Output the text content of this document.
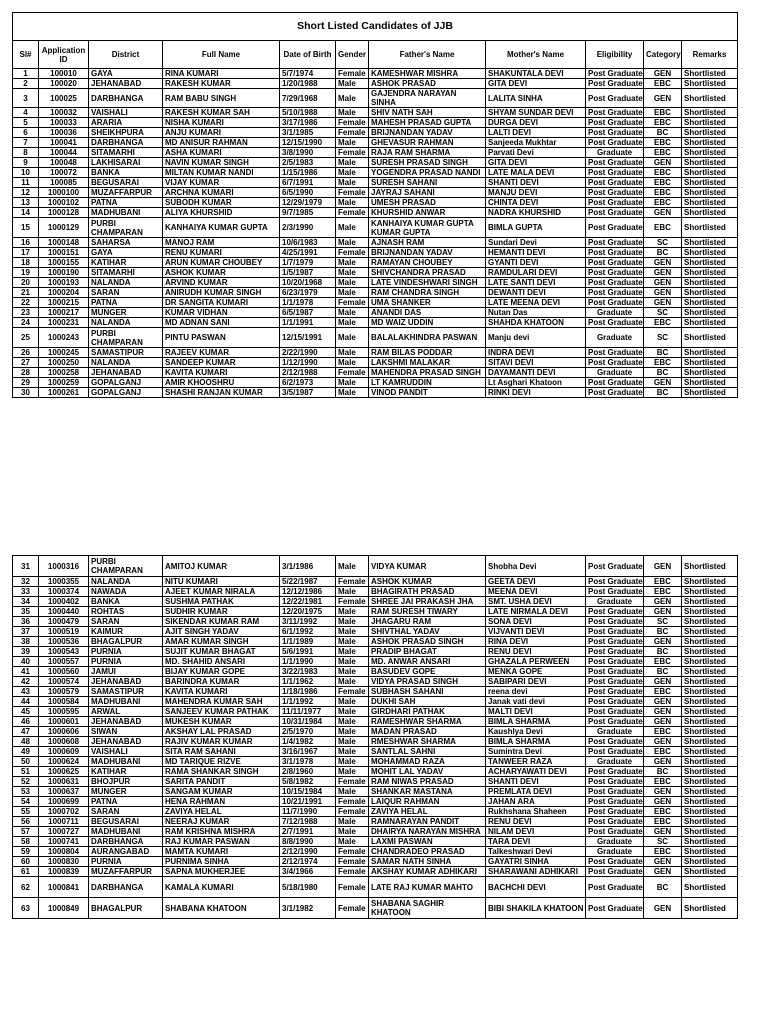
Short Listed Candidates of JJB										
Sl#	Application ID	District	Full Name	Date of Birth	Gender	Father's Name	Mother's Name	Eligibility	Category	Remarks
1	100010	GAYA	RINA KUMARI	5/7/1974	Female	KAMESHWAR MISHRA	SHAKUNTALA DEVI	Post Graduate	GEN	Shortlisted
2	100020	JEHANABAD	RAKESH KUMAR	1/20/1988	Male	ASHOK PRASAD	GITA DEVI	Post Graduate	EBC	Shortlisted
3	100025	DARBHANGA	RAM BABU SINGH	7/29/1968	Male	GAJENDRA NARAYAN SINHA	LALITA SINHA	Post Graduate	GEN	Shortlisted
4	100032	VAISHALI	RAKESH KUMAR SAH	5/10/1988	Male	SHIV NATH SAH	SHYAM SUNDAR DEVI	Post Graduate	EBC	Shortlisted
5	100033	ARARIA	NISHA KUMARI	3/17/1986	Female	MAHESH PRASAD GUPTA	DURGA DEVI	Post Graduate	EBC	Shortlisted
6	100036	SHEIKHPURA	ANJU KUMARI	3/1/1985	Female	BRIJNANDAN YADAV	LALTI DEVI	Post Graduate	BC	Shortlisted
7	100041	DARBHANGA	MD ANISUR RAHMAN	12/15/1990	Male	GHEVASUR RAHMAN	Sanjeeda Mukhtar	Post Graduate	EBC	Shortlisted
8	100044	SITAMARHI	ASHA KUMARI	3/8/1990	Female	RAJA RAM SHARMA	Parvati Devi	Graduate	EBC	Shortlisted
9	100048	LAKHISARAI	NAVIN KUMAR SINGH	2/5/1983	Male	SURESH PRASAD SINGH	GITA DEVI	Post Graduate	GEN	Shortlisted
10	100072	BANKA	MILTAN KUMAR NANDI	1/15/1986	Male	YOGENDRA PRASAD NANDI	LATE MALA DEVI	Post Graduate	EBC	Shortlisted
11	100085	BEGUSARAI	VIJAY KUMAR	6/7/1991	Male	SURESH SAHANI	SHANTI DEVI	Post Graduate	EBC	Shortlisted
12	1000100	MUZAFFARPUR	ARCHNA KUMARI	6/5/1990	Female	JAYRAJ SAHANI	MANJU DEVI	Post Graduate	EBC	Shortlisted
13	1000102	PATNA	SUBODH KUMAR	12/29/1979	Male	UMESH PRASAD	CHINTA DEVI	Post Graduate	EBC	Shortlisted
14	1000128	MADHUBANI	ALIYA KHURSHID	9/7/1985	Female	KHURSHID ANWAR	NADRA KHURSHID	Post Graduate	GEN	Shortlisted
15	1000129	PURBI CHAMPARAN	KANHAIYA KUMAR GUPTA	2/3/1990	Male	KANHAIYA KUMAR GUPTA KUMAR GUPTA	BIMLA GUPTA	Post Graduate	EBC	Shortlisted
16	1000148	SAHARSA	MANOJ RAM	10/6/1983	Male	AJNASH RAM	Sundari Devi	Post Graduate	SC	Shortlisted
17	1000151	GAYA	RENU KUMARI	4/25/1991	Female	BRIJNANDAN YADAV	HEMANTI DEVI	Post Graduate	BC	Shortlisted
18	1000155	KATIHAR	ARUN KUMAR CHOUBEY	1/7/1979	Male	RAMAYAN CHOUBEY	GYANTI DEVI	Post Graduate	GEN	Shortlisted
19	1000190	SITAMARHI	ASHOK KUMAR	1/5/1987	Male	SHIVCHANDRA PRASAD	RAMDULARI DEVI	Post Graduate	GEN	Shortlisted
20	1000193	NALANDA	ARVIND KUMAR	10/20/1968	Male	LATE VINDESHWARI SINGH	LATE SANTI DEVI	Post Graduate	GEN	Shortlisted
21	1000204	SARAN	ANIRUDH KUMAR SINGH	6/23/1979	Male	RAM CHANDRA SINGH	DEWANTI DEVI	Post Graduate	GEN	Shortlisted
22	1000215	PATNA	DR SANGITA KUMARI	1/1/1978	Female	UMA SHANKER	LATE MEENA DEVI	Post Graduate	GEN	Shortlisted
23	1000217	MUNGER	KUMAR VIDHAN	6/5/1987	Male	ANANDI DAS	Nutan Das	Graduate	SC	Shortlisted
24	1000231	NALANDA	MD ADNAN SANI	1/1/1991	Male	MD WAIZ UDDIN	SHAHDA KHATOON	Post Graduate	EBC	Shortlisted
25	1000243	PURBI CHAMPARAN	PINTU PASWAN	12/15/1991	Male	BALALAKHINDRA PASWAN	Manju devi	Graduate	SC	Shortlisted
26	1000245	SAMASTIPUR	RAJEEV KUMAR	2/22/1990	Male	RAM BILAS PODDAR	INDRA DEVI	Post Graduate	BC	Shortlisted
27	1000250	NALANDA	SANDEEP KUMAR	1/12/1990	Male	LAKSHMI MALAKAR	SITAVI DEVI	Post Graduate	EBC	Shortlisted
28	1000258	JEHANABAD	KAVITA KUMARI	2/12/1988	Female	MAHENDRA PRASAD SINGH	DAYAMANTI DEVI	Graduate	BC	Shortlisted
29	1000259	GOPALGANJ	AMIR KHOOSHRU	6/2/1973	Male	LT KAMRUDDIN	Lt Asghari Khatoon	Post Graduate	GEN	Shortlisted
30	1000261	GOPALGANJ	SHASHI RANJAN KUMAR	3/5/1987	Male	VINOD PANDIT	RINKI DEVI	Post Graduate	BC	Shortlisted
31	1000316	PURBI CHAMPARAN	AMITOJ KUMAR	3/1/1986	Male	VIDYA KUMAR	Shobha Devi	Post Graduate	GEN	Shortlisted
32	1000355	NALANDA	NITU KUMARI	5/22/1987	Female	ASHOK KUMAR	GEETA DEVI	Post Graduate	EBC	Shortlisted
33	1000374	NAWADA	AJEET KUMAR NIRALA	12/12/1986	Male	BHAGIRATH PRASAD	MEENA DEVI	Post Graduate	EBC	Shortlisted
34	1000402	BANKA	SUSHMA PATHAK	12/22/1981	Female	SHREE JAI PRAKASH JHA	SMT. USHA DEVI	Graduate	GEN	Shortlisted
35	1000440	ROHTAS	SUDHIR KUMAR	12/20/1975	Male	RAM SURESH TIWARY	LATE NIRMALA DEVI	Post Graduate	GEN	Shortlisted
36	1000479	SARAN	SIKENDAR KUMAR RAM	3/11/1992	Male	JHAGARU RAM	SONA DEVI	Post Graduate	SC	Shortlisted
37	1000519	KAIMUR	AJIT SINGH YADAV	6/1/1992	Male	SHIVTHAL YADAV	VIJVANTI DEVI	Post Graduate	BC	Shortlisted
38	1000536	BHAGALPUR	AMAR KUMAR SINGH	1/1/1989	Male	ASHOK PRASAD SINGH	RINA DEVI	Post Graduate	GEN	Shortlisted
39	1000543	PURNIA	SUJIT KUMAR BHAGAT	5/6/1991	Male	PRADIP BHAGAT	RENU DEVI	Post Graduate	BC	Shortlisted
40	1000557	PURNIA	MD. SHAHID ANSARI	1/1/1990	Male	MD. ANWAR ANSARI	GHAZALA PERWEEN	Post Graduate	EBC	Shortlisted
41	1000560	JAMUI	BIJAY KUMAR GOPE	3/22/1983	Male	BASUDEV GOPE	MENKA GOPE	Post Graduate	BC	Shortlisted
42	1000574	JEHANABAD	BARINDRA KUMAR	1/1/1962	Male	VIDYA PRASAD SINGH	SABIPARI DEVI	Post Graduate	GEN	Shortlisted
43	1000579	SAMASTIPUR	KAVITA KUMARI	1/18/1986	Female	SUBHASH SAHANI	reena devi	Post Graduate	EBC	Shortlisted
44	1000584	MADHUBANI	MAHENDRA KUMAR SAH	1/1/1992	Male	DUKHI SAH	Janak vati devi	Post Graduate	GEN	Shortlisted
45	1000595	ARWAL	SANJEEV KUMAR PATHAK	11/11/1977	Male	GIRDHARI PATHAK	MALTI DEVI	Post Graduate	GEN	Shortlisted
46	1000601	JEHANABAD	MUKESH KUMAR	10/31/1984	Male	RAMESHWAR SHARMA	BIMLA SHARMA	Post Graduate	GEN	Shortlisted
47	1000606	SIWAN	AKSHAY LAL PRASAD	2/5/1970	Male	MADAN PRASAD	Kaushlya Devi	Graduate	EBC	Shortlisted
48	1000608	JEHANABAD	RAJIV KUMAR KUMAR	1/4/1982	Male	RMESHWAR SHARMA	BIMLA SHARMA	Post Graduate	GEN	Shortlisted
49	1000609	VAISHALI	SITA RAM SAHANI	3/16/1967	Male	SANTLAL SAHNI	Sumintra Devi	Post Graduate	EBC	Shortlisted
50	1000624	MADHUBANI	MD TARIQUE RIZVE	3/1/1978	Male	MOHAMMAD RAZA	TANWEER RAZA	Graduate	GEN	Shortlisted
51	1000625	KATIHAR	RAMA SHANKAR SINGH	2/8/1960	Male	MOHIT LAL YADAV	ACHARYAWATI DEVI	Post Graduate	BC	Shortlisted
52	1000631	BHOJPUR	SARITA PANDIT	5/8/1982	Female	RAM NIWAS PRASAD	SHANTI DEVI	Post Graduate	EBC	Shortlisted
53	1000637	MUNGER	SANGAM KUMAR	10/15/1984	Male	SHANKAR MASTANA	PREMLATA DEVI	Post Graduate	GEN	Shortlisted
54	1000699	PATNA	HENA RAHMAN	10/21/1991	Female	LAIQUR RAHMAN	JAHAN ARA	Post Graduate	GEN	Shortlisted
55	1000702	SARAN	ZAVIYA HELAL	11/7/1990	Female	ZAVIYA HELAL	Rukhshana Shaheen	Post Graduate	EBC	Shortlisted
56	1000711	BEGUSARAI	NEERAJ KUMAR	7/12/1988	Male	RAMNARAYAN PANDIT	RENU DEVI	Post Graduate	EBC	Shortlisted
57	1000727	MADHUBANI	RAM KRISHNA MISHRA	2/7/1991	Male	DHAIRYA NARAYAN MISHRA	NILAM DEVI	Post Graduate	GEN	Shortlisted
58	1000741	DARBHANGA	RAJ KUMAR PASWAN	8/8/1990	Male	LAXMI PASWAN	TARA DEVI	Graduate	SC	Shortlisted
59	1000804	AURANGABAD	MAMTA KUMARI	2/12/1990	Female	CHANDRADEO PRASAD	Talkeshwari Devi	Graduate	EBC	Shortlisted
60	1000830	PURNIA	PURNIMA SINHA	2/12/1974	Female	SAMAR NATH SINHA	GAYATRI SINHA	Post Graduate	GEN	Shortlisted
61	1000839	MUZAFFARPUR	SAPNA MUKHERJEE	3/4/1966	Female	AKSHAY KUMAR ADHIKARI	SHARAWANI ADHIKARI	Post Graduate	GEN	Shortlisted
62	1000841	DARBHANGA	KAMALA KUMARI	5/18/1980	Female	LATE RAJ KUMAR MAHTO	BACHCHI DEVI	Post Graduate	BC	Shortlisted
63	1000849	BHAGALPUR	SHABANA KHATOON	3/1/1982	Female	SHABANA SAGHIR KHATOON	BIBI SHAKILA KHATOON	Post Graduate	GEN	Shortlisted
